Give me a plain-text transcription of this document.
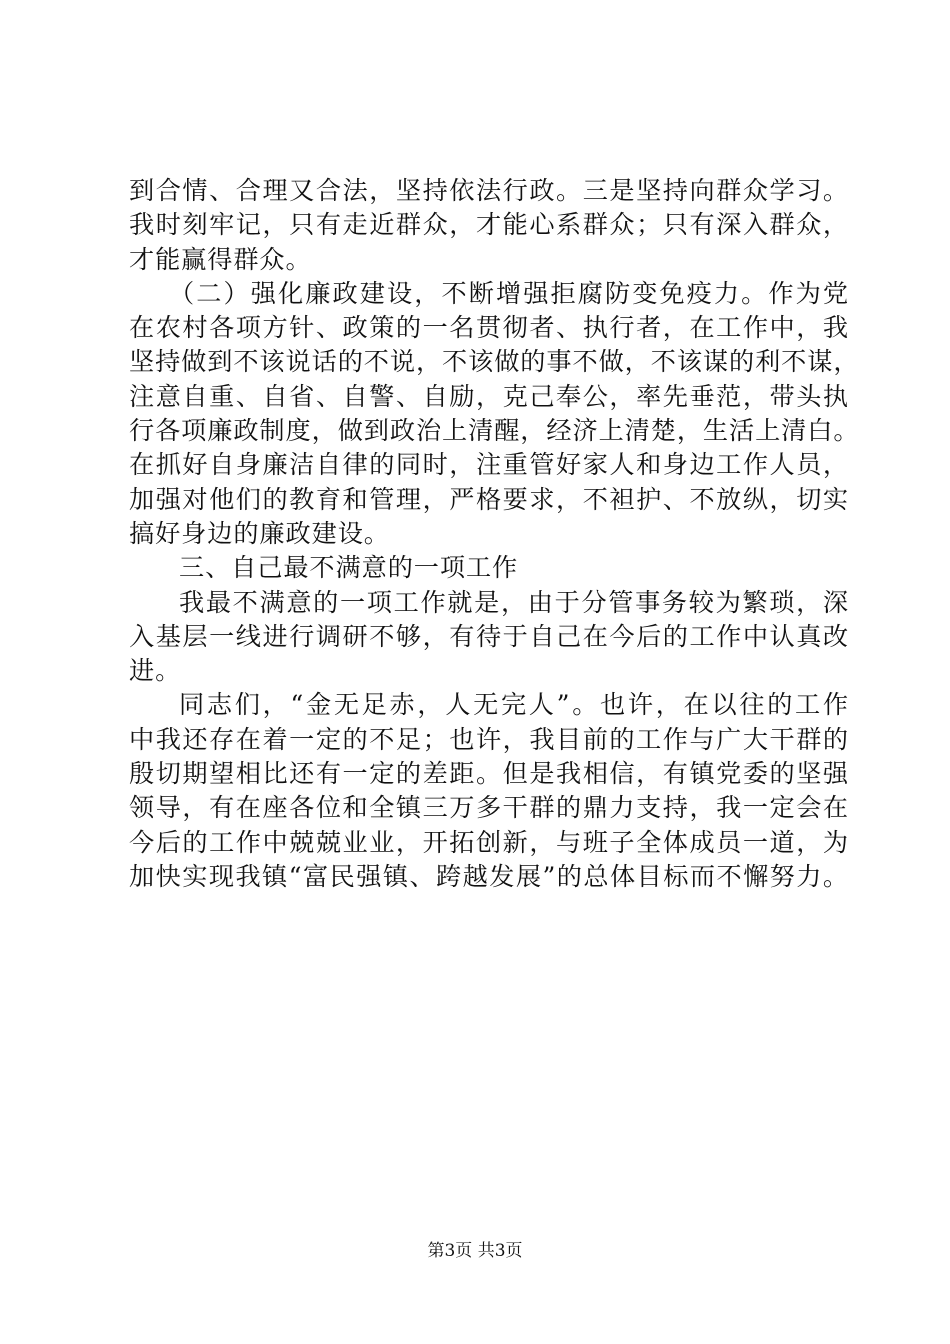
到合情、合理又合法，坚持依法行政。三是坚持向群众学习。
我时刻牢记，只有走近群众，才能心系群众；只有深入群众，
才能赢得群众。
（二）强化廉政建设，不断增强拒腐防变免疫力。作为党
在农村各项方针、政策的一名贯彻者、执行者，在工作中，我
坚持做到不该说话的不说，不该做的事不做，不该谋的利不谋，
注意自重、自省、自警、自励，克己奉公，率先垂范，带头执
行各项廉政制度，做到政治上清醒，经济上清楚，生活上清白。
在抓好自身廉洁自律的同时，注重管好家人和身边工作人员，
加强对他们的教育和管理，严格要求，不袒护、不放纵，切实
搞好身边的廉政建设。
三、自己最不满意的一项工作
我最不满意的一项工作就是，由于分管事务较为繁琐，深
入基层一线进行调研不够，有待于自己在今后的工作中认真改
进。
同志们，“金无足赤，人无完人”。也许，在以往的工作
中我还存在着一定的不足；也许，我目前的工作与广大干群的
殷切期望相比还有一定的差距。但是我相信，有镇党委的坚强
领导，有在座各位和全镇三万多干群的鼎力支持，我一定会在
今后的工作中兢兢业业，开拓创新，与班子全体成员一道，为
加快实现我镇“富民强镇、跨越发展”的总体目标而不懈努力。
第3页 共3页
